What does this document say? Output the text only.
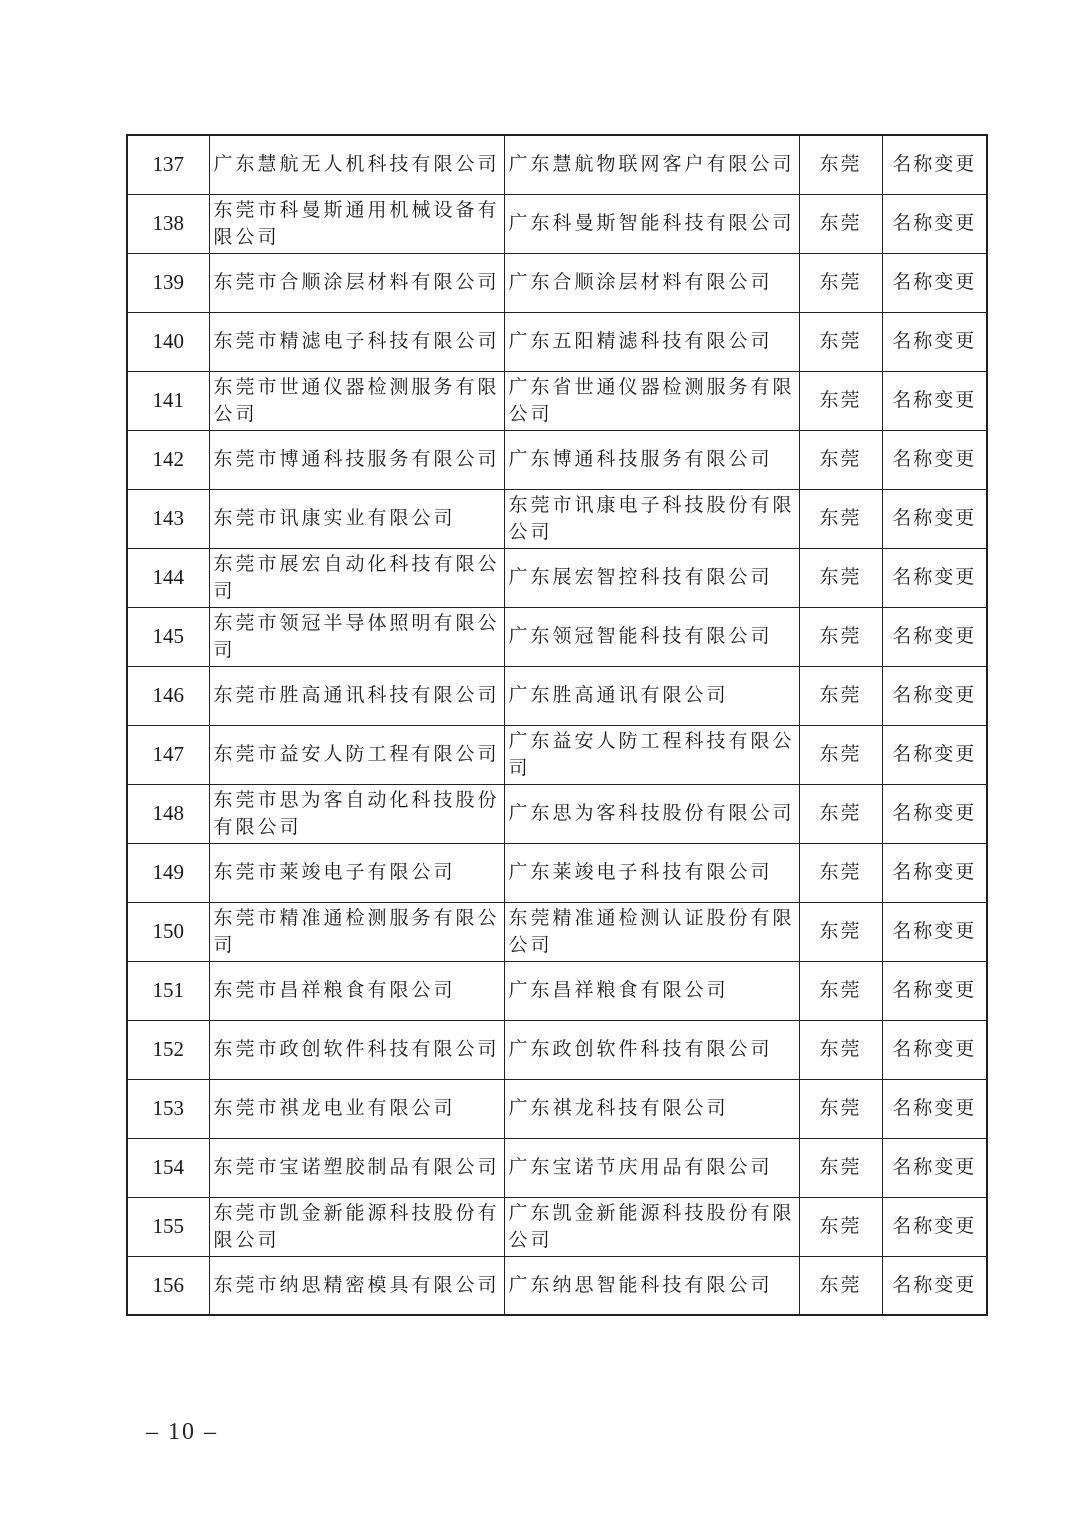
137	广东慧航无人机科技有限公司	广东慧航物联网客户有限公司	东莞	名称变更
138	东莞市科曼斯通用机械设备有限公司	广东科曼斯智能科技有限公司	东莞	名称变更
139	东莞市合顺涂层材料有限公司	广东合顺涂层材料有限公司	东莞	名称变更
140	东莞市精滤电子科技有限公司	广东五阳精滤科技有限公司	东莞	名称变更
141	东莞市世通仪器检测服务有限公司	广东省世通仪器检测服务有限公司	东莞	名称变更
142	东莞市博通科技服务有限公司	广东博通科技服务有限公司	东莞	名称变更
143	东莞市讯康实业有限公司	东莞市讯康电子科技股份有限公司	东莞	名称变更
144	东莞市展宏自动化科技有限公司	广东展宏智控科技有限公司	东莞	名称变更
145	东莞市领冠半导体照明有限公司	广东领冠智能科技有限公司	东莞	名称变更
146	东莞市胜高通讯科技有限公司	广东胜高通讯有限公司	东莞	名称变更
147	东莞市益安人防工程有限公司	广东益安人防工程科技有限公司	东莞	名称变更
148	东莞市思为客自动化科技股份有限公司	广东思为客科技股份有限公司	东莞	名称变更
149	东莞市莱竣电子有限公司	广东莱竣电子科技有限公司	东莞	名称变更
150	东莞市精准通检测服务有限公司	东莞精准通检测认证股份有限公司	东莞	名称变更
151	东莞市昌祥粮食有限公司	广东昌祥粮食有限公司	东莞	名称变更
152	东莞市政创软件科技有限公司	广东政创软件科技有限公司	东莞	名称变更
153	东莞市祺龙电业有限公司	广东祺龙科技有限公司	东莞	名称变更
154	东莞市宝诺塑胶制品有限公司	广东宝诺节庆用品有限公司	东莞	名称变更
155	东莞市凯金新能源科技股份有限公司	广东凯金新能源科技股份有限公司	东莞	名称变更
156	东莞市纳思精密模具有限公司	广东纳思智能科技有限公司	东莞	名称变更
– 10 –
